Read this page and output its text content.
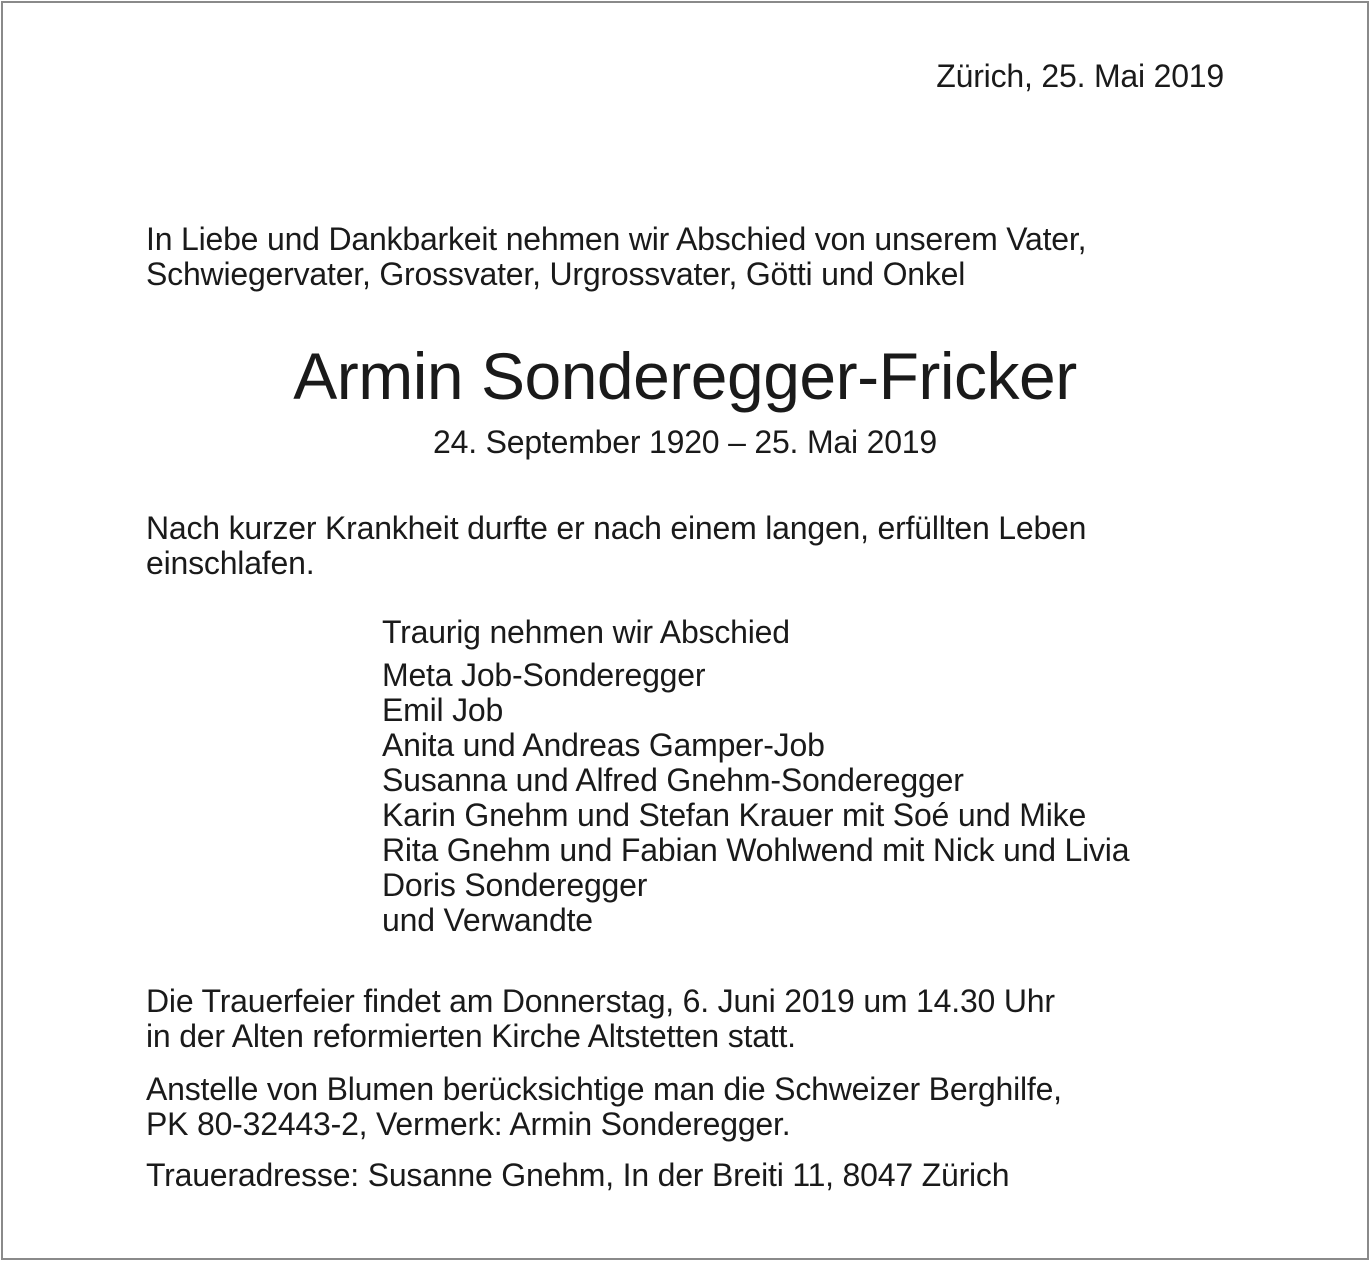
Zürich, 25. Mai 2019
In Liebe und Dankbarkeit nehmen wir Abschied von unserem Vater,
Schwiegervater, Grossvater, Urgrossvater, Götti und Onkel
Armin Sonderegger-Fricker
24. September 1920 – 25. Mai 2019
Nach kurzer Krankheit durfte er nach einem langen, erfüllten Leben
einschlafen.
Traurig nehmen wir Abschied
Meta Job-Sonderegger
Emil Job
Anita und Andreas Gamper-Job
Susanna und Alfred Gnehm-Sonderegger
Karin Gnehm und Stefan Krauer mit Soé und Mike
Rita Gnehm und Fabian Wohlwend mit Nick und Livia
Doris Sonderegger
und Verwandte
Die Trauerfeier findet am Donnerstag, 6. Juni 2019 um 14.30 Uhr
in der Alten reformierten Kirche Altstetten statt.
Anstelle von Blumen berücksichtige man die Schweizer Berghilfe,
PK 80-32443-2, Vermerk: Armin Sonderegger.
Traueradresse: Susanne Gnehm, In der Breiti 11, 8047 Zürich
